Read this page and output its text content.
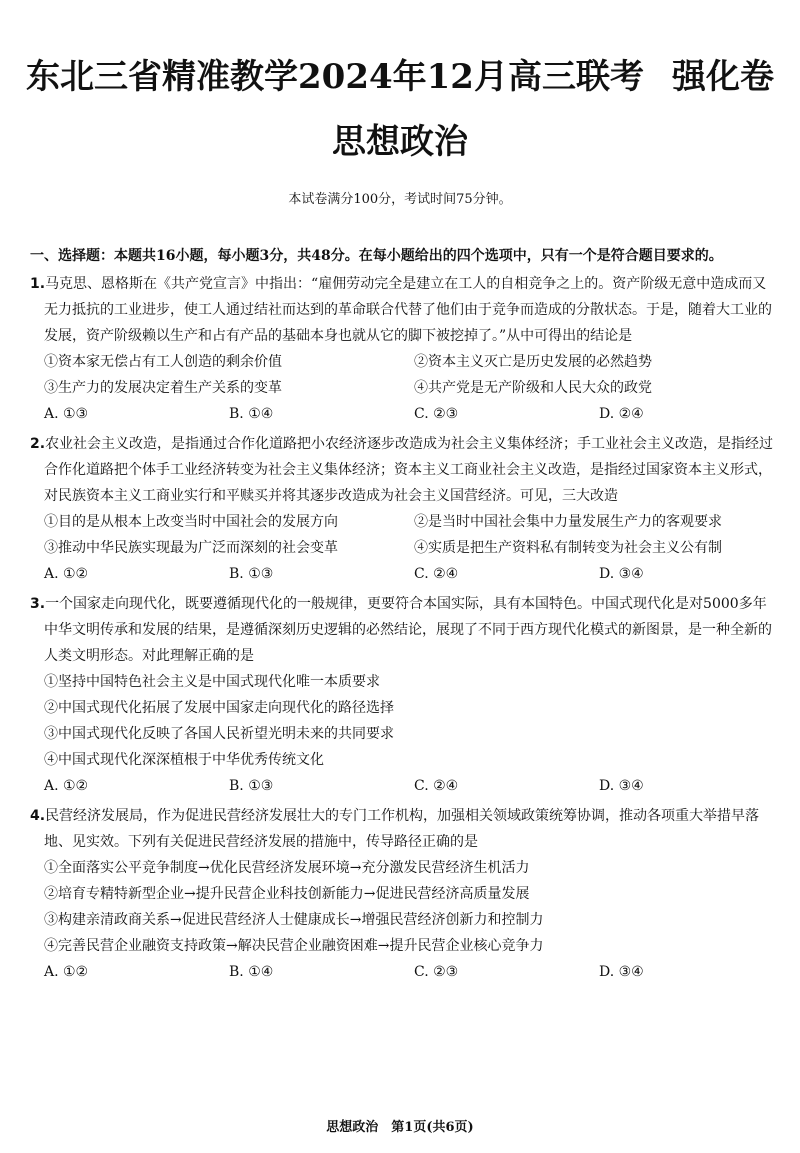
东北三省精准教学2024年12月高三联考 强化卷
思想政治
本试卷满分100分，考试时间75分钟。
一、选择题：本题共16小题，每小题3分，共48分。在每小题给出的四个选项中，只有一个是符合题目要求的。

1.马克思、恩格斯在《共产党宣言》中指出：“雇佣劳动完全是建立在工人的自相竞争之上的。资产阶级无意中造成而又无力抵抗的工业进步，使工人通过结社而达到的革命联合代替了他们由于竞争而造成的分散状态。于是，随着大工业的发展，资产阶级赖以生产和占有产品的基础本身也就从它的脚下被挖掉了。”从中可得出的结论是

①资本家无偿占有工人创造的剩余价值	②资本主义灭亡是历史发展的必然趋势
③生产力的发展决定着生产关系的变革	④共产党是无产阶级和人民大众的政党
A. ①③	B. ①④	C. ②③	D. ②④

2.农业社会主义改造，是指通过合作化道路把小农经济逐步改造成为社会主义集体经济；手工业社会主义改造，是指经过合作化道路把个体手工业经济转变为社会主义集体经济；资本主义工商业社会主义改造，是指经过国家资本主义形式，对民族资本主义工商业实行和平赎买并将其逐步改造成为社会主义国营经济。可见，三大改造

①目的是从根本上改变当时中国社会的发展方向	②是当时中国社会集中力量发展生产力的客观要求
③推动中华民族实现最为广泛而深刻的社会变革	④实质是把生产资料私有制转变为社会主义公有制
A. ①②	B. ①③	C. ②④	D. ③④

3.一个国家走向现代化，既要遵循现代化的一般规律，更要符合本国实际，具有本国特色。中国式现代化是对5000多年中华文明传承和发展的结果，是遵循深刻历史逻辑的必然结论，展现了不同于西方现代化模式的新图景，是一种全新的人类文明形态。对此理解正确的是

①坚持中国特色社会主义是中国式现代化唯一本质要求
②中国式现代化拓展了发展中国家走向现代化的路径选择
③中国式现代化反映了各国人民祈望光明未来的共同要求
④中国式现代化深深植根于中华优秀传统文化
A. ①②	B. ①③	C. ②④	D. ③④

4.民营经济发展局，作为促进民营经济发展壮大的专门工作机构，加强相关领域政策统筹协调，推动各项重大举措早落地、见实效。下列有关促进民营经济发展的措施中，传导路径正确的是

①全面落实公平竞争制度→优化民营经济发展环境→充分激发民营经济生机活力
②培育专精特新型企业→提升民营企业科技创新能力→促进民营经济高质量发展
③构建亲清政商关系→促进民营经济人士健康成长→增强民营经济创新力和控制力
④完善民营企业融资支持政策→解决民营企业融资困难→提升民营企业核心竞争力
A. ①②	B. ①④	C. ②③	D. ③④
思想政治　第1页(共6页)
